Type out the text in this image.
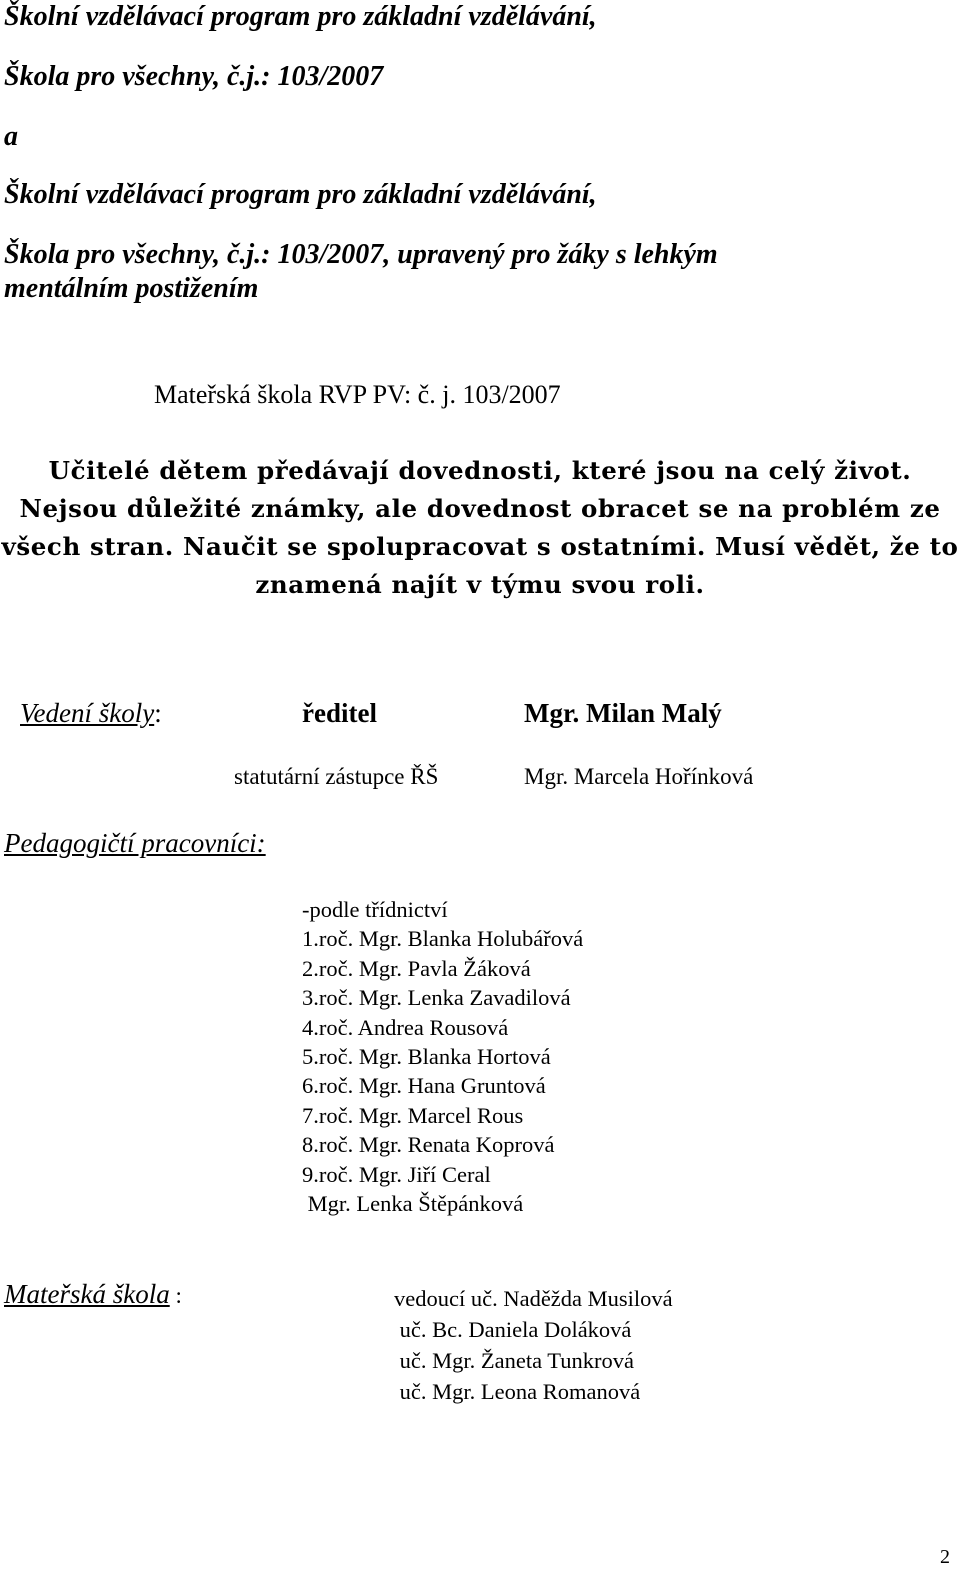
Školní vzdělávací program pro základní vzdělávání,
Škola pro všechny, č.j.: 103/2007
a
Školní vzdělávací program pro základní vzdělávání,
Škola pro všechny, č.j.: 103/2007, upravený pro žáky s lehkým
mentálním postižením
Mateřská škola RVP PV: č. j. 103/2007
Učitelé dětem předávají dovednosti, které jsou na celý život. Nejsou důležité známky, ale dovednost obracet se na problém ze všech stran. Naučit se spolupracovat s ostatními. Musí vědět, že to znamená najít v týmu svou roli.
Vedení školy:	ředitel	Mgr. Milan Malý
statutární zástupce ŘŠ	Mgr. Marcela Hořínková
Pedagogičtí pracovníci:
-podle třídnictví
1.roč. Mgr. Blanka Holubářová
2.roč. Mgr. Pavla Žáková
3.roč. Mgr. Lenka Zavadilová
4.roč. Andrea Rousová
5.roč. Mgr. Blanka Hortová
6.roč. Mgr. Hana Gruntová
7.roč. Mgr. Marcel Rous
8.roč. Mgr. Renata Koprová
9.roč. Mgr. Jiří Ceral
Mgr. Lenka Štěpánková
Mateřská škola :	vedoucí uč. Naděžda Musilová
uč. Bc. Daniela Doláková
uč. Mgr. Žaneta Tunkrová
uč. Mgr. Leona Romanová
2
